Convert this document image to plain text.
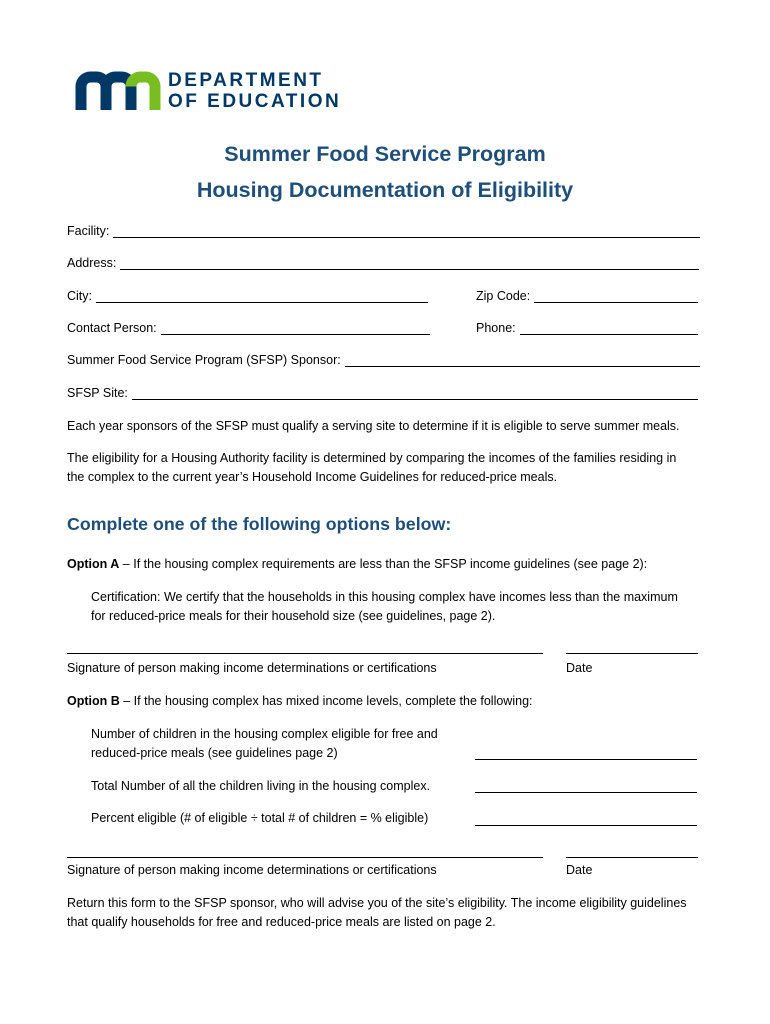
DEPARTMENT
OF EDUCATION
Summer Food Service Program
Housing Documentation of Eligibility
Facility:
Address:
City:	Zip Code:
Contact Person:	Phone:
Summer Food Service Program (SFSP) Sponsor:
SFSP Site:
Each year sponsors of the SFSP must qualify a serving site to determine if it is eligible to serve summer meals.
The eligibility for a Housing Authority facility is determined by comparing the incomes of the families residing in
the complex to the current year’s Household Income Guidelines for reduced-price meals.
Complete one of the following options below:
Option A – If the housing complex requirements are less than the SFSP income guidelines (see page 2):
Certification: We certify that the households in this housing complex have incomes less than the maximum
for reduced-price meals for their household size (see guidelines, page 2).
Signature of person making income determinations or certifications	Date
Option B – If the housing complex has mixed income levels, complete the following:
Number of children in the housing complex eligible for free and
reduced-price meals (see guidelines page 2)
Total Number of all the children living in the housing complex.
Percent eligible (# of eligible ÷ total # of children = % eligible)
Signature of person making income determinations or certifications	Date
Return this form to the SFSP sponsor, who will advise you of the site’s eligibility. The income eligibility guidelines
that qualify households for free and reduced-price meals are listed on page 2.
